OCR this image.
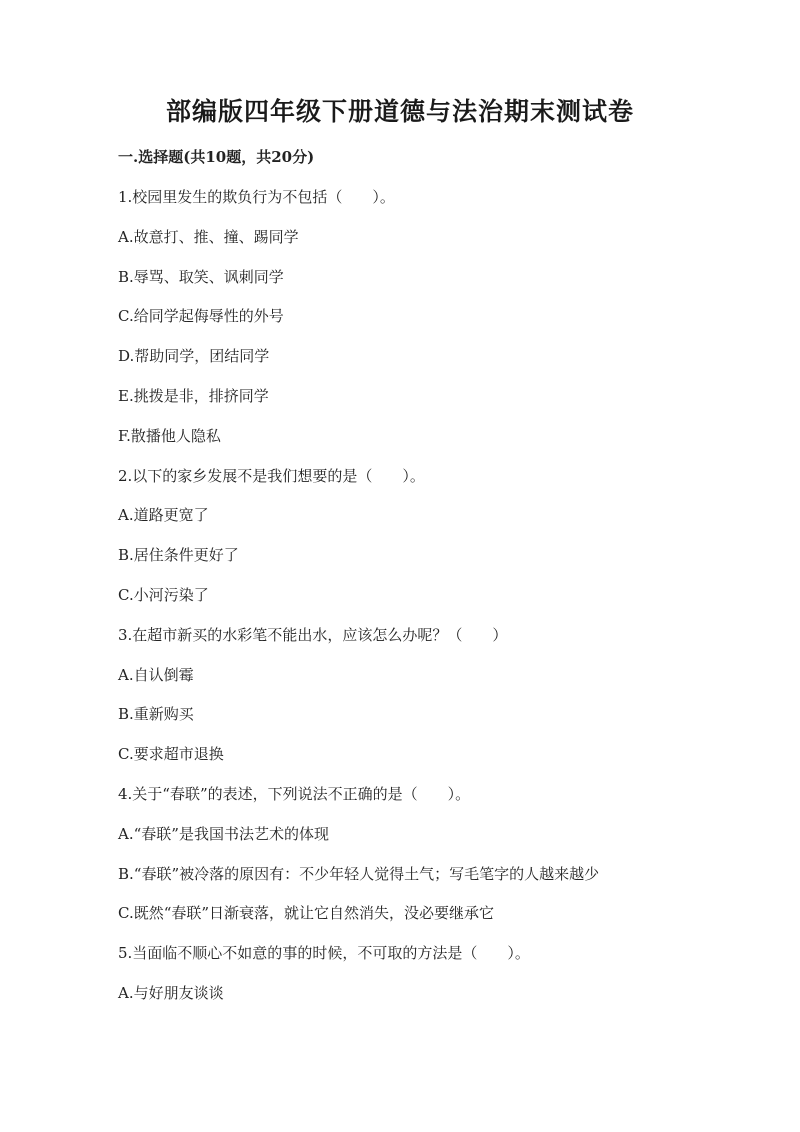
部编版四年级下册道德与法治期末测试卷
一.选择题(共10题，共20分)
1.校园里发生的欺负行为不包括（　　）。
A.故意打、推、撞、踢同学
B.辱骂、取笑、讽刺同学
C.给同学起侮辱性的外号
D.帮助同学，团结同学
E.挑拨是非，排挤同学
F.散播他人隐私
2.以下的家乡发展不是我们想要的是（　　）。
A.道路更宽了
B.居住条件更好了
C.小河污染了
3.在超市新买的水彩笔不能出水，应该怎么办呢？（　　）
A.自认倒霉
B.重新购买
C.要求超市退换
4.关于“春联”的表述，下列说法不正确的是（　　）。
A.“春联”是我国书法艺术的体现
B.“春联”被冷落的原因有：不少年轻人觉得土气；写毛笔字的人越来越少
C.既然“春联”日渐衰落，就让它自然消失，没必要继承它
5.当面临不顺心不如意的事的时候，不可取的方法是（　　）。
A.与好朋友谈谈
